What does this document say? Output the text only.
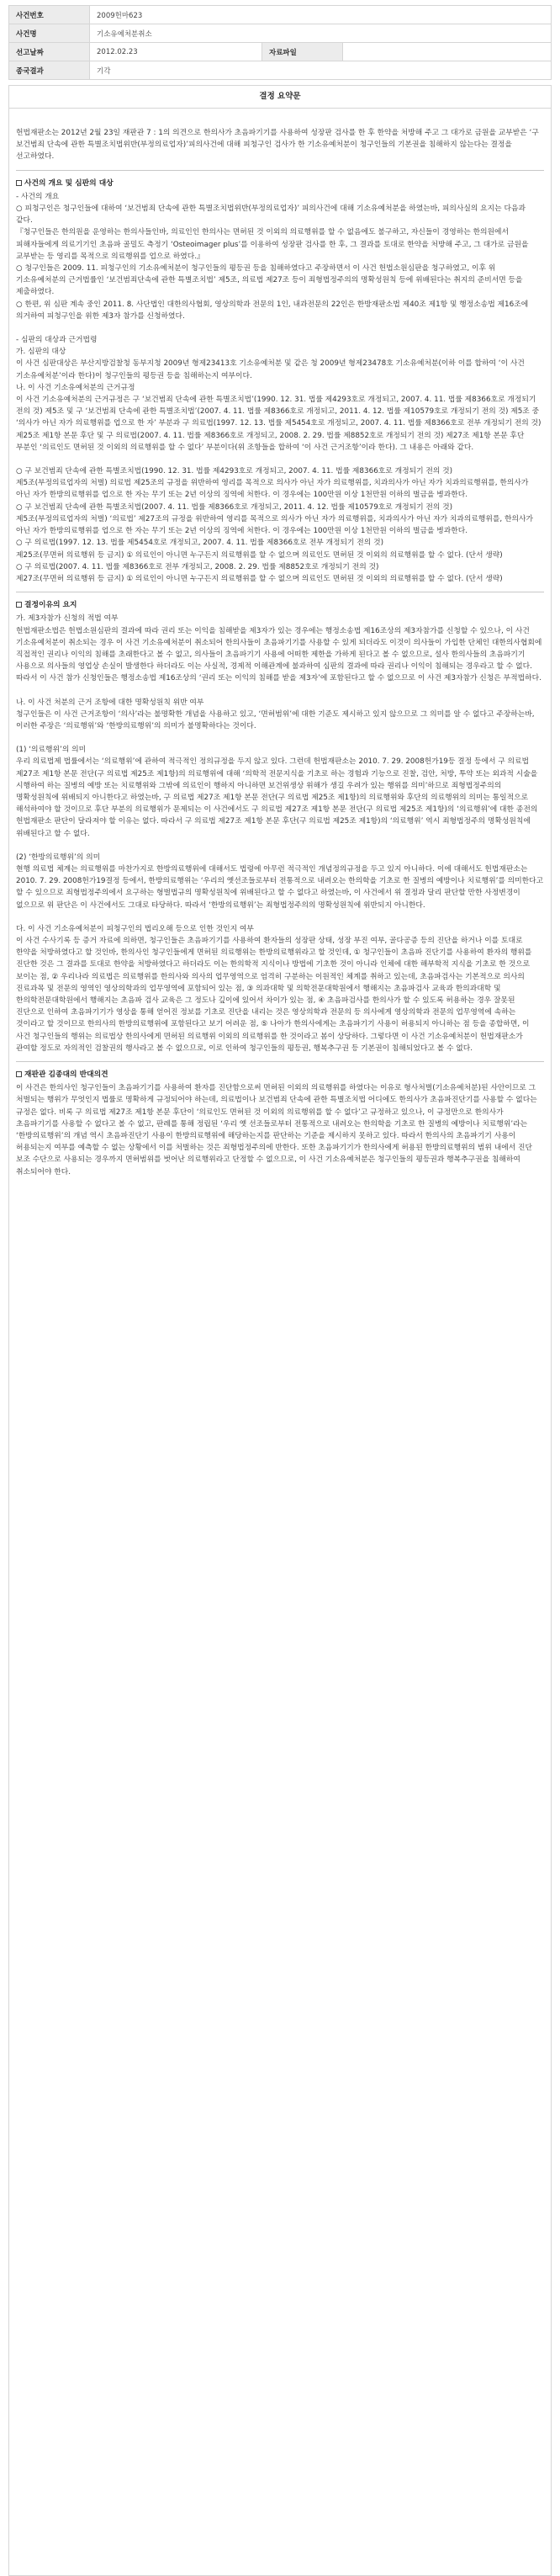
사건번호	2009헌마623		
사건명	기소유예처분취소		
선고날짜	2012.02.23	자료파일	
종국결과	기각		
결정 요약문

헌법재판소는 2012년 2월 23일 재판관 7 : 1의 의견으로 한의사가 초음파기기를 사용하여 성장판 검사를 한 후 한약을 처방해 주고 그 대가로 금원을 교부받은 ‘구 보건범죄 단속에 관한 특별조치법위반(부정의료업자)’피의사건에 대해 피청구인 검사가 한 기소유예처분이 청구인들의 기본권을 침해하지 않는다는 결정을 선고하였다.

사건의 개요 및 심판의 대상

- 사건의 개요

○ 피청구인은 청구인들에 대하여 ‘보건범죄 단속에 관한 특별조치법위반(부정의료업자)’ 피의사건에 대해 기소유예처분을 하였는바, 피의사실의 요지는 다음과 같다.

『청구인들은 한의원을 운영하는 한의사들인바, 의료인인 한의사는 면허된 것 이외의 의료행위를 할 수 없음에도 불구하고, 자신들이 경영하는 한의원에서 피해자들에게 의료기기인 초음파 골밀도 측정기 ‘Osteoimager plus’를 이용하여 성장판 검사를 한 후, 그 결과를 토대로 한약을 처방해 주고, 그 대가로 금원을 교부받는 등 영리를 목적으로 의료행위를 업으로 하였다.』

○ 청구인들은 2009. 11. 피청구인의 기소유예처분이 청구인들의 평등권 등을 침해하였다고 주장하면서 이 사건 헌법소원심판을 청구하였고, 이후 위 기소유예처분의 근거법률인 ‘보건범죄단속에 관한 특별조치법’ 제5조, 의료법 제27조 등이 죄형법정주의의 명확성원칙 등에 위배된다는 취지의 준비서면 등을 제출하였다.

○ 한편, 위 심판 계속 중인 2011. 8. 사단법인 대한의사협회, 영상의학과 전문의 1인, 내과전문의 22인은 한방재판소법 제40조 제1항 및 행정소송법 제16조에 의거하여 피청구인을 위한 제3자 참가를 신청하였다.

- 심판의 대상과 근거법령

가. 심판의 대상

이 사건 심판대상은 부산지방검찰청 동부지청 2009년 형제23413호 기소유예처분 및 같은 청 2009년 형제23478호 기소유예처분(이하 이를 합하여 ‘이 사건 기소유예처분’이라 한다)이 청구인들의 평등권 등을 침해하는지 여부이다.

나. 이 사건 기소유예처분의 근거규정

이 사건 기소유예처분의 근거규정은 구 ‘보건범죄 단속에 관한 특별조치법’(1990. 12. 31. 법률 제4293호로 개정되고, 2007. 4. 11. 법률 제8366호로 개정되기 전의 것) 제5조 및 구 ‘보건범죄 단속에 관한 특별조치법’(2007. 4. 11. 법률 제8366호로 개정되고, 2011. 4. 12. 법률 제10579호로 개정되기 전의 것) 제5조 중 ‘의사가 아닌 자가 의료행위를 업으로 한 자’ 부분과 구 의료법(1997. 12. 13. 법률 제5454호로 개정되고, 2007. 4. 11. 법률 제8366호로 전부 개정되기 전의 것) 제25조 제1항 본문 후단 및 구 의료법(2007. 4. 11. 법률 제8366호로 개정되고, 2008. 2. 29. 법률 제8852호로 개정되기 전의 것) 제27조 제1항 본문 후단 부분인 ‘의료인도 면허된 것 이외의 의료행위를 할 수 없다’ 부분이다(위 조항들을 합하여 ‘이 사건 근거조항’이라 한다). 그 내용은 아래와 같다.

○ 구 보건범죄 단속에 관한 특별조치법(1990. 12. 31. 법률 제4293호로 개정되고, 2007. 4. 11. 법률 제8366호로 개정되기 전의 것)

제5조(부정의료업자의 처벌) 의료법 제25조의 규정을 위반하여 영리를 목적으로 의사가 아닌 자가 의료행위를, 치과의사가 아닌 자가 치과의료행위를, 한의사가 아닌 자가 한방의료행위를 업으로 한 자는 무기 또는 2년 이상의 징역에 처한다. 이 경우에는 100만원 이상 1천만원 이하의 벌금을 병과한다.

○ 구 보건범죄 단속에 관한 특별조치법(2007. 4. 11. 법률 제8366호로 개정되고, 2011. 4. 12. 법률 제10579호로 개정되기 전의 것)

제5조(부정의료업자의 처벌) ‘의료법’ 제27조의 규정을 위반하여 영리를 목적으로 의사가 아닌 자가 의료행위를, 치과의사가 아닌 자가 치과의료행위를, 한의사가 아닌 자가 한방의료행위를 업으로 한 자는 무기 또는 2년 이상의 징역에 처한다. 이 경우에는 100만원 이상 1천만원 이하의 벌금을 병과한다.

○ 구 의료법(1997. 12. 13. 법률 제5454호로 개정되고, 2007. 4. 11. 법률 제8366호로 전부 개정되기 전의 것)

제25조(무면허 의료행위 등 금지) ① 의료인이 아니면 누구든지 의료행위를 할 수 없으며 의료인도 면허된 것 이외의 의료행위를 할 수 없다. (단서 생략)

○ 구 의료법(2007. 4. 11. 법률 제8366호로 전부 개정되고, 2008. 2. 29. 법률 제8852호로 개정되기 전의 것)

제27조(무면허 의료행위 등 금지) ① 의료인이 아니면 누구든지 의료행위를 할 수 없으며 의료인도 면허된 것 이외의 의료행위를 할 수 없다. (단서 생략)

결정이유의 요지

가. 제3자참가 신청의 적법 여부

헌법재판소법은 헌법소원심판의 결과에 따라 권리 또는 이익을 침해받을 제3자가 있는 경우에는 행정소송법 제16조상의 제3자참가를 신청할 수 있으나, 이 사건 기소유예처분이 취소되는 경우 이 사건 기소유예처분이 취소되어 한의사들이 초음파기기를 사용할 수 있게 되더라도 이것이 의사들이 가입한 단체인 대한의사협회에 직접적인 권리나 이익의 침해를 초래한다고 볼 수 없고, 의사들이 초음파기기 사용에 어떠한 제한을 가하게 된다고 볼 수 없으므로, 설사 한의사들의 초음파기기 사용으로 의사들의 영업상 손실이 발생한다 하더라도 이는 사실적, 경제적 이해관계에 불과하여 심판의 결과에 따라 권리나 이익이 침해되는 경우라고 할 수 없다. 따라서 이 사건 참가 신청인들은 행정소송법 제16조상의 ‘권리 또는 이익의 침해를 받을 제3자’에 포함된다고 할 수 없으므로 이 사건 제3자참가 신청은 부적법하다.

나. 이 사건 처분의 근거 조항에 대한 명확성원칙 위반 여부

청구인들은 이 사건 근거조항이 ‘의사’라는 불명확한 개념을 사용하고 있고, ‘면허범위’에 대한 기준도 제시하고 있지 않으므로 그 의미를 알 수 없다고 주장하는바, 이러한 주장은 ‘의료행위’와 ‘한방의료행위’의 의미가 불명확하다는 것이다.

(1) ‘의료행위’의 의미

우리 의료법제 법률에서는 ‘의료행위’에 관하여 적극적인 정의규정을 두지 않고 있다. 그런데 헌법재판소는 2010. 7. 29. 2008헌가19등 결정 등에서 구 의료법 제27조 제1항 본문 전단(구 의료법 제25조 제1항)의 의료행위에 대해 ‘의학적 전문지식을 기초로 하는 경험과 기능으로 진찰, 검안, 처방, 투약 또는 외과적 시술을 시행하여 하는 질병의 예방 또는 치료행위와 그밖에 의료인이 행하지 아니하면 보건위생상 위해가 생길 우려가 있는 행위를 의미’하므로 죄형법정주의의 명확성원칙에 위배되지 아니한다고 하였는바, 구 의료법 제27조 제1항 본문 전단(구 의료법 제25조 제1항)의 의료행위와 후단의 의료행위의 의미는 통일적으로 해석하여야 할 것이므로 후단 부분의 의료행위가 문제되는 이 사건에서도 구 의료법 제27조 제1항 본문 전단(구 의료법 제25조 제1항)의 ‘의료행위’에 대한 종전의 헌법재판소 판단이 달라져야 할 이유는 없다. 따라서 구 의료법 제27조 제1항 본문 후단(구 의료법 제25조 제1항)의 ‘의료행위’ 역시 죄형법정주의 명확성원칙에 위배된다고 할 수 없다.

(2) ‘한방의료행위’의 의미

현행 의료법 체계는 의료행위를 마찬가지로 한방의료행위에 대해서도 법령에 아무런 적극적인 개념정의규정을 두고 있지 아니하다. 이에 대해서도 헌법재판소는 2010. 7. 29. 2008헌가19결정 등에서, 한방의료행위는 ‘우리의 옛선조들로부터 전통적으로 내려오는 한의학을 기초로 한 질병의 예방이나 치료행위’를 의미한다고 할 수 있으므로 죄형법정주의에서 요구하는 형벌법규의 명확성원칙에 위배된다고 할 수 없다고 하였는바, 이 사건에서 위 결정과 달리 판단할 만한 사정변경이 없으므로 위 판단은 이 사건에서도 그대로 타당하다. 따라서 ‘한방의료행위’는 죄형법정주의의 명확성원칙에 위반되지 아니한다.

다. 이 사건 기소유예처분이 피청구인의 법리오해 등으로 인한 것인지 여부

이 사건 수사기록 등 증거 자료에 의하면, 청구인들은 초음파기기를 사용하여 환자들의 성장판 상태, 성장 부진 여부, 골다공증 등의 진단을 하거나 이를 토대로 한약을 처방하였다고 할 것인바, 한의사인 청구인들에게 면허된 의료행위는 한방의료행위라고 할 것인데, ① 청구인들이 초음파 진단기를 사용하여 환자의 행위를 진단한 것은 그 결과를 토대로 한약을 처방하였다고 하더라도 이는 한의학적 지식이나 방법에 기초한 것이 아니라 인체에 대한 해부학적 지식을 기초로 한 것으로 보이는 점, ② 우리나라 의료법은 의료행위를 한의사와 의사의 업무영역으로 엄격히 구분하는 이원적인 체계를 취하고 있는데, 초음파검사는 기본적으로 의사의 진료과목 및 전문의 영역인 영상의학과의 업무영역에 포함되어 있는 점, ③ 의과대학 및 의학전문대학원에서 행해지는 초음파검사 교육과 한의과대학 및 한의학전문대학원에서 행해지는 초음파 검사 교육은 그 정도나 깊이에 있어서 차이가 있는 점, ④ 초음파검사를 한의사가 할 수 있도록 허용하는 경우 잘못된 진단으로 인하여 초음파기기가 영상을 통해 얻어진 정보를 기초로 진단을 내리는 것은 영상의학과 전문의 등 의사에게 영상의학과 전문의 업무영역에 속하는 것이라고 할 것이므로 한의사의 한방의료행위에 포함된다고 보기 어려운 점, ⑤ 나아가 한의사에게는 초음파기기 사용이 허용되지 아니하는 점 등을 종합하면, 이 사건 청구인들의 행위는 의료법상 한의사에게 면허된 의료행위 이외의 의료행위를 한 것이라고 봄이 상당하다. 그렇다면 이 사건 기소유예처분이 헌법재판소가 관여할 정도로 자의적인 검찰권의 행사라고 볼 수 없으므로, 이로 인하여 청구인들의 평등권, 행복추구권 등 기본권이 침해되었다고 볼 수 없다.

재판관 김종대의 반대의견

이 사건은 한의사인 청구인들이 초음파기기를 사용하여 환자를 진단함으로써 면허된 이외의 의료행위를 하였다는 이유로 형사처벌(기소유예처분)된 사안이므로 그 처벌되는 행위가 무엇인지 법률로 명확하게 규정되어야 하는데, 의료법이나 보건범죄 단속에 관한 특별조치법 어디에도 한의사가 초음파진단기를 사용할 수 없다는 규정은 없다. 비록 구 의료법 제27조 제1항 본문 후단이 ‘의료인도 면허된 것 이외의 의료행위를 할 수 없다’고 규정하고 있으나, 이 규정만으로 한의사가 초음파기기를 사용할 수 없다고 볼 수 없고, 판례를 통해 정립된 ‘우리 옛 선조들로부터 전통적으로 내려오는 한의학을 기초로 한 질병의 예방이나 치료행위’라는 ‘한방의료행위’의 개념 역시 초음파진단기 사용이 한방의료행위에 해당하는지를 판단하는 기준을 제시하지 못하고 있다. 따라서 한의사의 초음파기기 사용이 허용되는지 여부를 예측할 수 없는 상황에서 이를 처벌하는 것은 죄형법정주의에 반한다. 또한 초음파기기가 한의사에게 허용된 한방의료행위의 범위 내에서 진단 보조 수단으로 사용되는 경우까지 면허범위를 벗어난 의료행위라고 단정할 수 없으므로, 이 사건 기소유예처분은 청구인들의 평등권과 행복추구권을 침해하여 취소되어야 한다.
